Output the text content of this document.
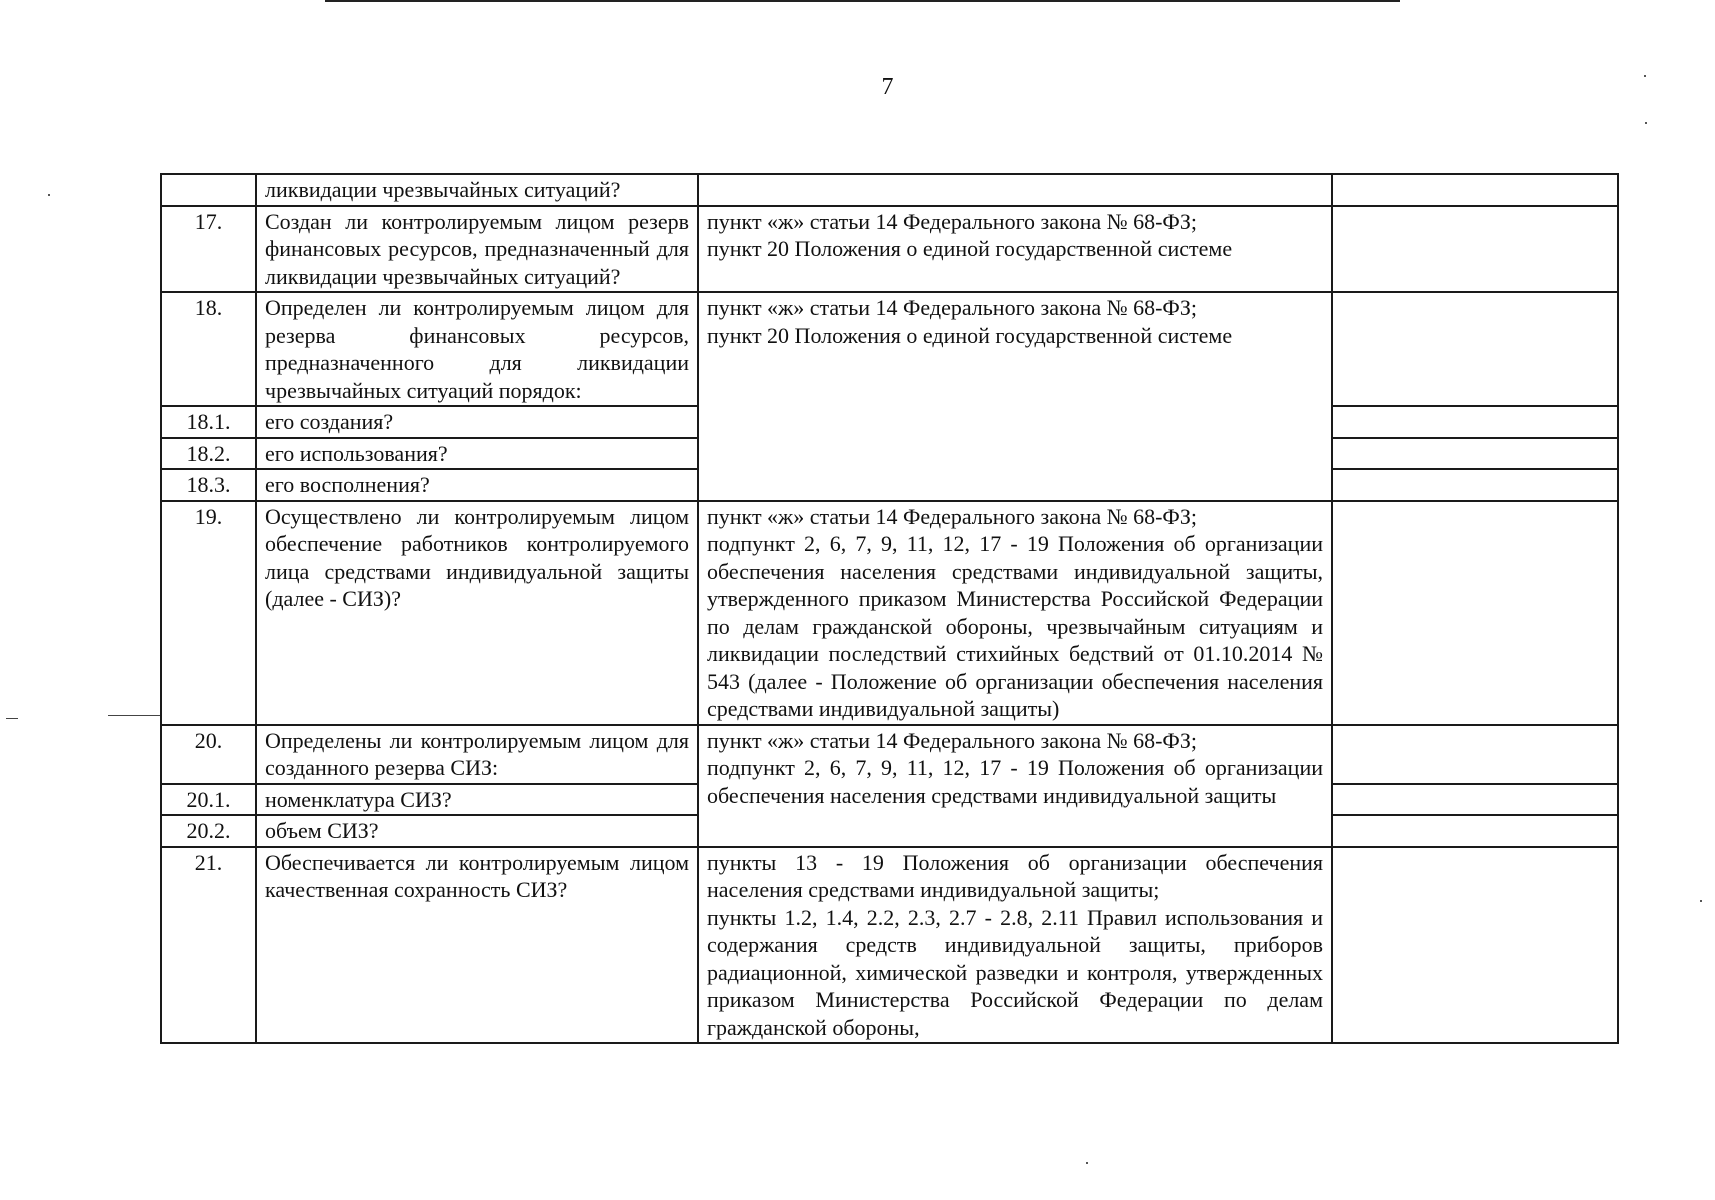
7
	ликвидации чрезвычайных ситуаций?		
17.	Создан ли контролируемым лицом резерв финансовых ресурсов, предназначенный для ликвидации чрезвычайных ситуаций?	пункт «ж» статьи 14 Федерального закона № 68-ФЗ;
пункт 20 Положения о единой государственной системе	

18.	Определен ли контролируемым лицом для резерва финансовых ресурсов, предназначенного для ликвидации чрезвычайных ситуаций порядок:	пункт «ж» статьи 14 Федерального закона № 68-ФЗ;
пункт 20 Положения о единой государственной системе	

18.1.	его создания?		
18.2.	его использования?		
18.3.	его восполнения?		
19.	Осуществлено ли контролируемым лицом обеспечение работников контролируемого лица средствами индивидуальной защиты (далее - СИЗ)?	пункт «ж» статьи 14 Федерального закона № 68-ФЗ;
подпункт 2, 6, 7, 9, 11, 12, 17 - 19 Положения об организации обеспечения населения средствами индивидуальной защиты, утвержденного приказом Министерства Российской Федерации по делам гражданской обороны, чрезвычайным ситуациям и ликвидации последствий стихийных бедствий от 01.10.2014 № 543 (далее - Положение об организации обеспечения населения средствами индивидуальной защиты)	

20.	Определены ли контролируемым лицом для созданного резерва СИЗ:	пункт «ж» статьи 14 Федерального закона № 68-ФЗ;
подпункт 2, 6, 7, 9, 11, 12, 17 - 19 Положения об организации обеспечения населения средствами индивидуальной защиты	

20.1.	номенклатура СИЗ?		
20.2.	объем СИЗ?		
21.	Обеспечивается ли контролируемым лицом качественная сохранность СИЗ?	пункты 13 - 19 Положения об организации обеспечения населения средствами индивидуальной защиты;
пункты 1.2, 1.4, 2.2, 2.3, 2.7 - 2.8, 2.11 Правил использования и содержания средств индивидуальной защиты, приборов радиационной, химической разведки и контроля, утвержденных приказом Министерства Российской Федерации по делам гражданской обороны,	
